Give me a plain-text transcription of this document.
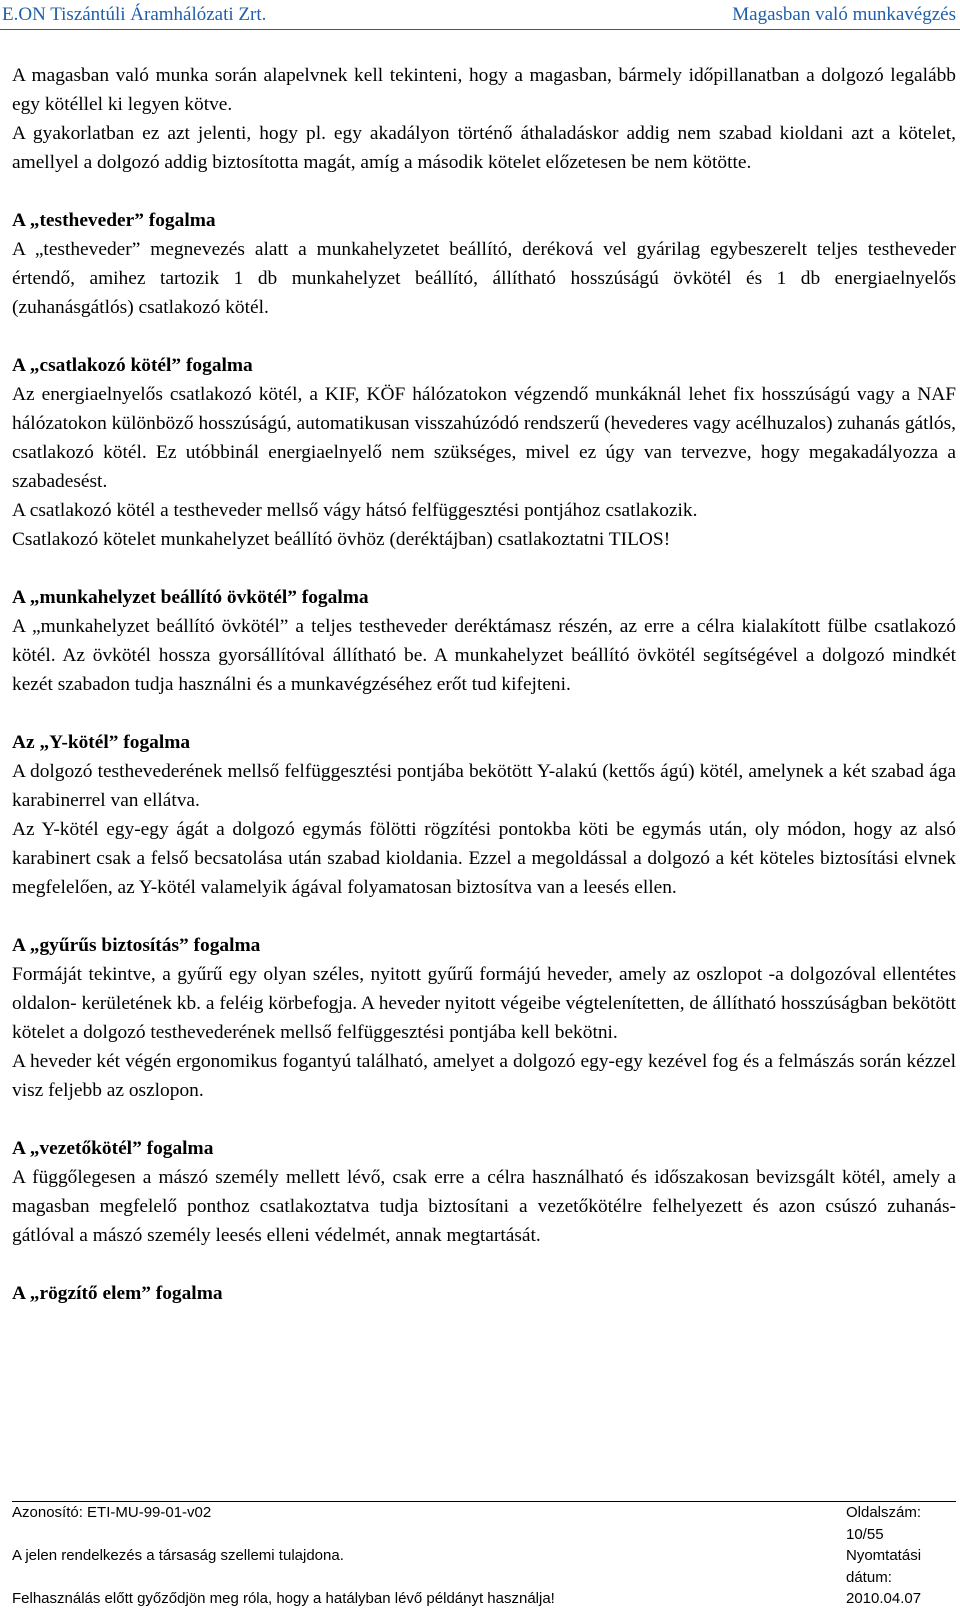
E.ON Tiszántúli Áramhálózati Zrt.	Magasban való munkavégzés

A magasban való munka során alapelvnek kell tekinteni, hogy a magasban, bármely időpillanatban a dolgozó legalább egy kötéllel ki legyen kötve.

A gyakorlatban ez azt jelenti, hogy pl. egy akadályon történő áthaladáskor addig nem szabad kioldani azt a kötelet, amellyel a dolgozó addig biztosította magát, amíg a második kötelet előzetesen be nem kötötte.

A „testheveder” fogalma

A „testheveder” megnevezés alatt a munkahelyzetet beállító, deréková vel gyárilag egybeszerelt teljes testheveder értendő, amihez tartozik 1 db munkahelyzet beállító, állítható hosszúságú övkötél és 1 db energiaelnyelős (zuhanásgátlós) csatlakozó kötél.

A „csatlakozó kötél” fogalma

Az energiaelnyelős csatlakozó kötél, a KIF, KÖF hálózatokon végzendő munkáknál lehet fix hosszúságú vagy a NAF hálózatokon különböző hosszúságú, automatikusan visszahúzódó rendszerű (hevederes vagy acélhuzalos) zuhanás gátlós, csatlakozó kötél. Ez utóbbinál energiaelnyelő nem szükséges, mivel ez úgy van tervezve, hogy megakadályozza a szabadesést.

A csatlakozó kötél a testheveder mellső vágy hátsó felfüggesztési pontjához csatlakozik.

Csatlakozó kötelet munkahelyzet beállító övhöz (deréktájban) csatlakoztatni TILOS!

A „munkahelyzet beállító övkötél” fogalma

A „munkahelyzet beállító övkötél” a teljes testheveder deréktámasz részén, az erre a célra kialakított fülbe csatlakozó kötél. Az övkötél hossza gyorsállítóval állítható be. A munkahelyzet beállító övkötél segítségével a dolgozó mindkét kezét szabadon tudja használni és a munkavégzéséhez erőt tud kifejteni.

Az „Y-kötél” fogalma

A dolgozó testhevederének mellső felfüggesztési pontjába bekötött Y-alakú (kettős ágú) kötél, amelynek a két szabad ága karabinerrel van ellátva.

Az Y-kötél egy-egy ágát a dolgozó egymás fölötti rögzítési pontokba köti be egymás után, oly módon, hogy az alsó karabinert csak a felső becsatolása után szabad kioldania. Ezzel a megoldással a dolgozó a két köteles biztosítási elvnek megfelelően, az Y-kötél valamelyik ágával folyamatosan biztosítva van a leesés ellen.

A „gyűrűs biztosítás” fogalma

Formáját tekintve, a gyűrű egy olyan széles, nyitott gyűrű formájú heveder, amely az oszlopot -a dolgozóval ellentétes oldalon- kerületének kb. a feléig körbefogja. A heveder nyitott végeibe végtelenítetten, de állítható hosszúságban bekötött kötelet a dolgozó testhevederének mellső felfüggesztési pontjába kell bekötni.

A heveder két végén ergonomikus fogantyú található, amelyet a dolgozó egy-egy kezével fog és a felmászás során kézzel visz feljebb az oszlopon.

A „vezetőkötél” fogalma

A függőlegesen a mászó személy mellett lévő, csak erre a célra használható és időszakosan bevizsgált kötél, amely a magasban megfelelő ponthoz csatlakoztatva tudja biztosítani a vezetőkötélre felhelyezett és azon csúszó zuhanás-gátlóval a mászó személy leesés elleni védelmét, annak megtartását.

A „rögzítő elem” fogalma
Azonosító: ETI-MU-99-01-v02	Oldalszám: 10/55
A jelen rendelkezés a társaság szellemi tulajdona.	Nyomtatási dátum:
Felhasználás előtt győződjön meg róla, hogy a hatályban lévő példányt használja!	2010.04.07
